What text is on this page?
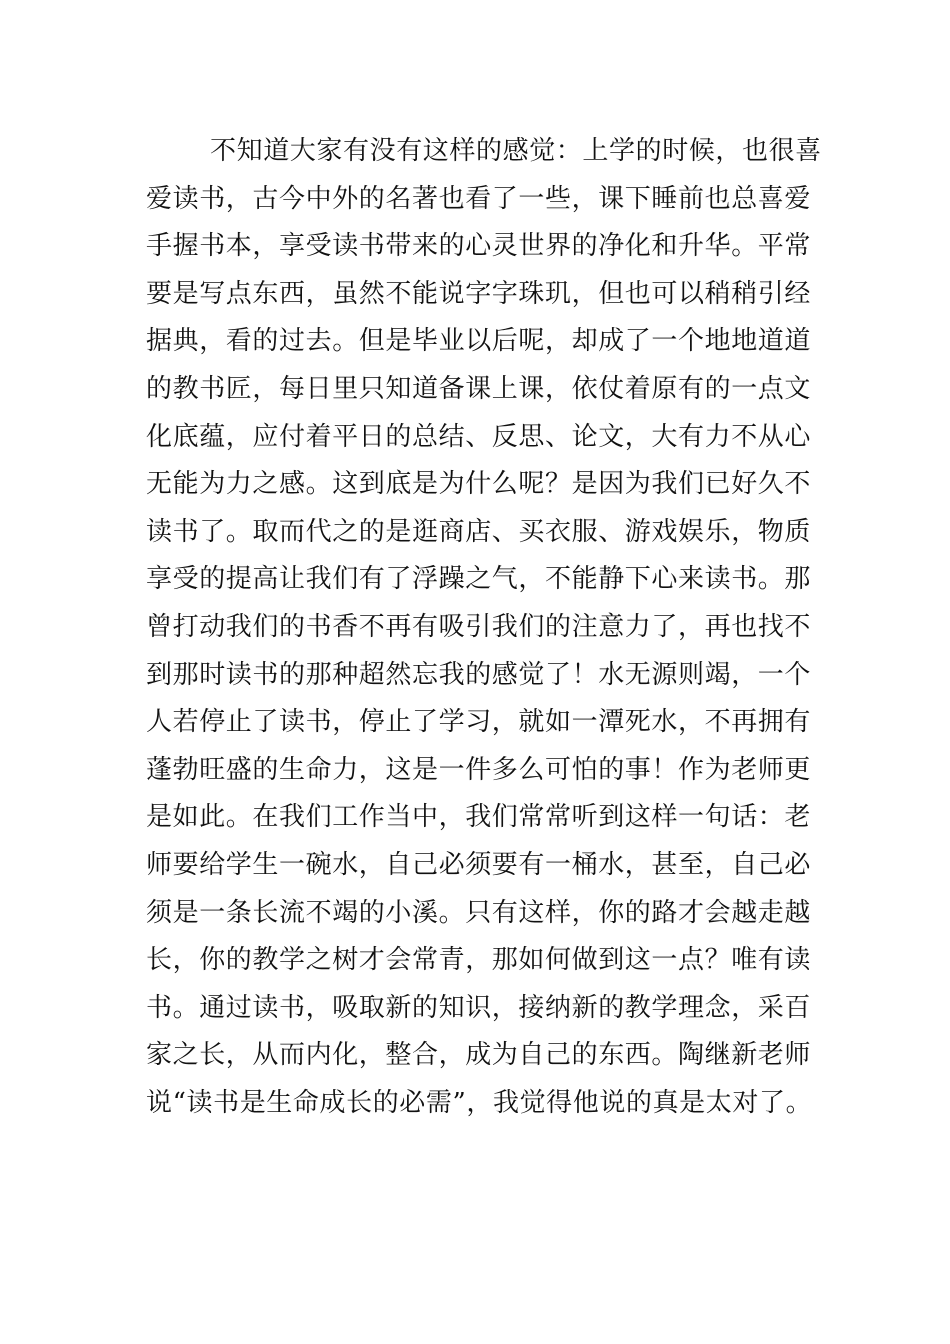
不知道大家有没有这样的感觉：上学的时候，也很喜
爱读书，古今中外的名著也看了一些，课下睡前也总喜爱
手握书本，享受读书带来的心灵世界的净化和升华。平常
要是写点东西，虽然不能说字字珠玑，但也可以稍稍引经
据典，看的过去。但是毕业以后呢，却成了一个地地道道
的教书匠，每日里只知道备课上课，依仗着原有的一点文
化底蕴，应付着平日的总结、反思、论文，大有力不从心
无能为力之感。这到底是为什么呢？是因为我们已好久不
读书了。取而代之的是逛商店、买衣服、游戏娱乐，物质
享受的提高让我们有了浮躁之气，不能静下心来读书。那
曾打动我们的书香不再有吸引我们的注意力了，再也找不
到那时读书的那种超然忘我的感觉了！水无源则竭，一个
人若停止了读书，停止了学习，就如一潭死水，不再拥有
蓬勃旺盛的生命力，这是一件多么可怕的事！作为老师更
是如此。在我们工作当中，我们常常听到这样一句话：老
师要给学生一碗水，自己必须要有一桶水，甚至，自己必
须是一条长流不竭的小溪。只有这样，你的路才会越走越
长，你的教学之树才会常青，那如何做到这一点？唯有读
书。通过读书，吸取新的知识，接纳新的教学理念，采百
家之长，从而内化，整合，成为自己的东西。陶继新老师
说“读书是生命成长的必需”，我觉得他说的真是太对了。
